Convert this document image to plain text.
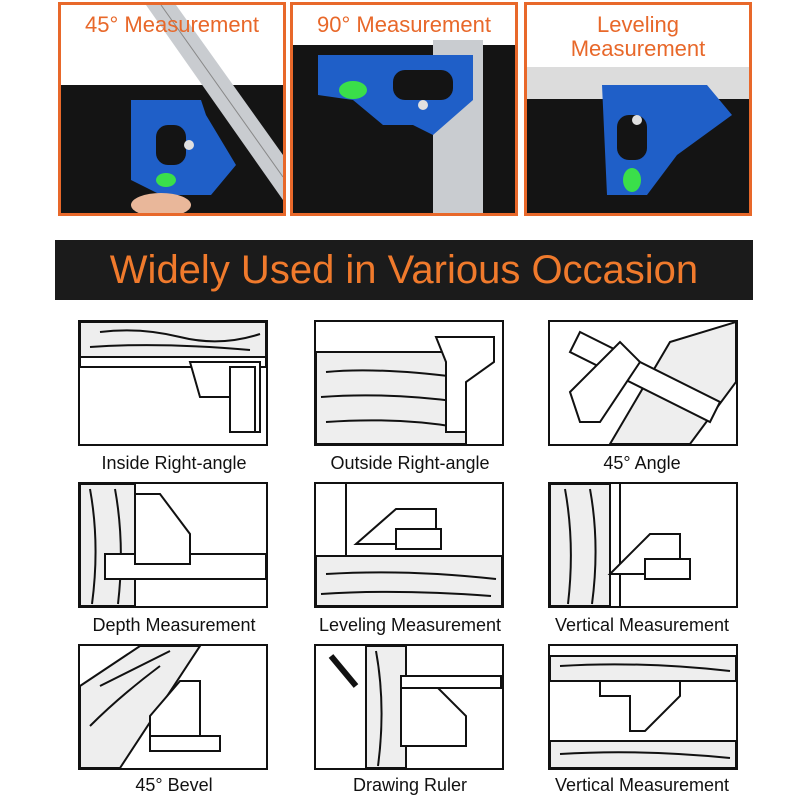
45° Measurement	90° Measurement	Leveling Measurement
Widely Used in Various Occasion
Inside Right-angle	Outside Right-angle	45° Angle
Depth Measurement	Leveling Measurement	Vertical Measurement
45° Bevel	Drawing Ruler	Vertical Measurement
